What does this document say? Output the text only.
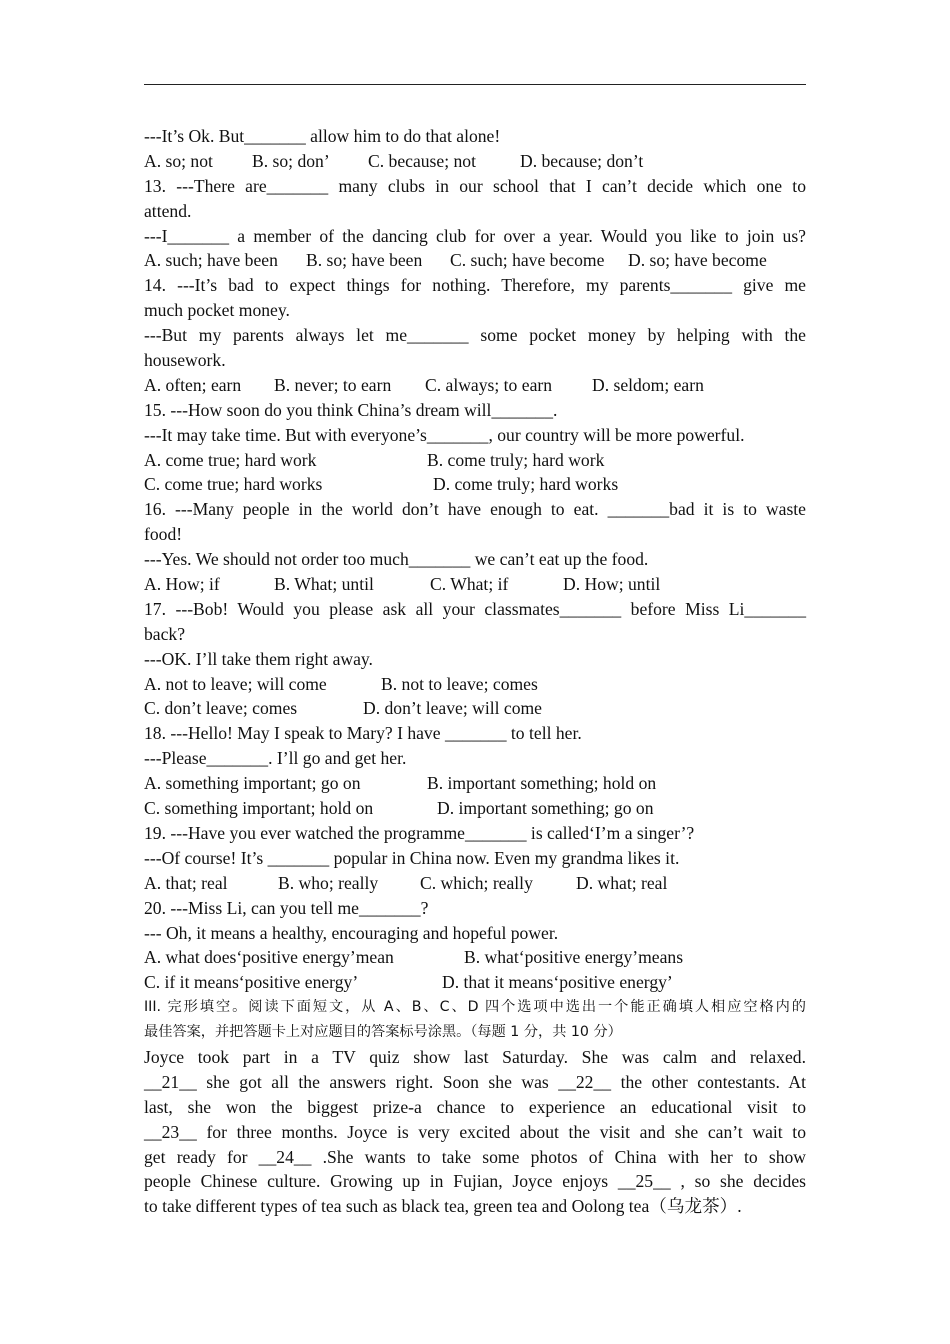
---It’s Ok. But_______ allow him to do that alone!
A. so; not	B. so; don’	C. because; not	D. because; don’t
13. ---There are_______ many clubs in our school that I can’t decide which one to
attend.
---I_______ a member of the dancing club for over a year. Would you like to join us?
A. such; have been	B. so; have been	C. such; have become	D. so; have become
14. ---It’s bad to expect things for nothing. Therefore, my parents_______ give me
much pocket money.
---But my parents always let me_______ some pocket money by helping with the
housework.
A. often; earn	B. never; to earn	C. always; to earn	D. seldom; earn
15. ---How soon do you think China’s dream will_______.
---It may take time. But with everyone’s_______, our country will be more powerful.
A. come true; hard work	B. come truly; hard work
C. come true; hard works	D. come truly; hard works
16. ---Many people in the world don’t have enough to eat. _______bad it is to waste
food!
---Yes. We should not order too much_______ we can’t eat up the food.
A. How; if	B. What; until	C. What; if	D. How; until
17. ---Bob! Would you please ask all your classmates_______ before Miss Li_______
back?
---OK. I’ll take them right away.
A. not to leave; will come	B. not to leave; comes
C. don’t leave; comes	D. don’t leave; will come
18. ---Hello! May I speak to Mary? I have _______ to tell her.
---Please_______. I’ll go and get her.
A. something important; go on	B. important something; hold on
C. something important; hold on	D. important something; go on
19. ---Have you ever watched the programme_______ is called‘I’m a singer’?
---Of course! It’s _______ popular in China now. Even my grandma likes it.
A. that; real	B. who; really	C. which; really	D. what; real
20. ---Miss Li, can you tell me_______?
--- Oh, it means a healthy, encouraging and hopeful power.
A. what does‘positive energy’mean	B. what‘positive energy’means
C. if it means‘positive energy’	D. that it means‘positive energy’
III. 完形填空。阅读下面短文，从 A、B、C、D 四个选项中选出一个能正确填人相应空格内的
最佳答案，并把答题卡上对应题目的答案标号涂黑。（每题 1 分，共 10 分）
Joyce took part in a TV quiz show last Saturday. She was calm and relaxed.
__21__ she got all the answers right. Soon she was __22__ the other contestants. At
last, she won the biggest prize-a chance to experience an educational visit to
__23__ for three months. Joyce is very excited about the visit and she can’t wait to
get ready for __24__ .She wants to take some photos of China with her to show
people Chinese culture. Growing up in Fujian, Joyce enjoys __25__ , so she decides
to take different types of tea such as black tea, green tea and Oolong tea（乌龙茶）.
